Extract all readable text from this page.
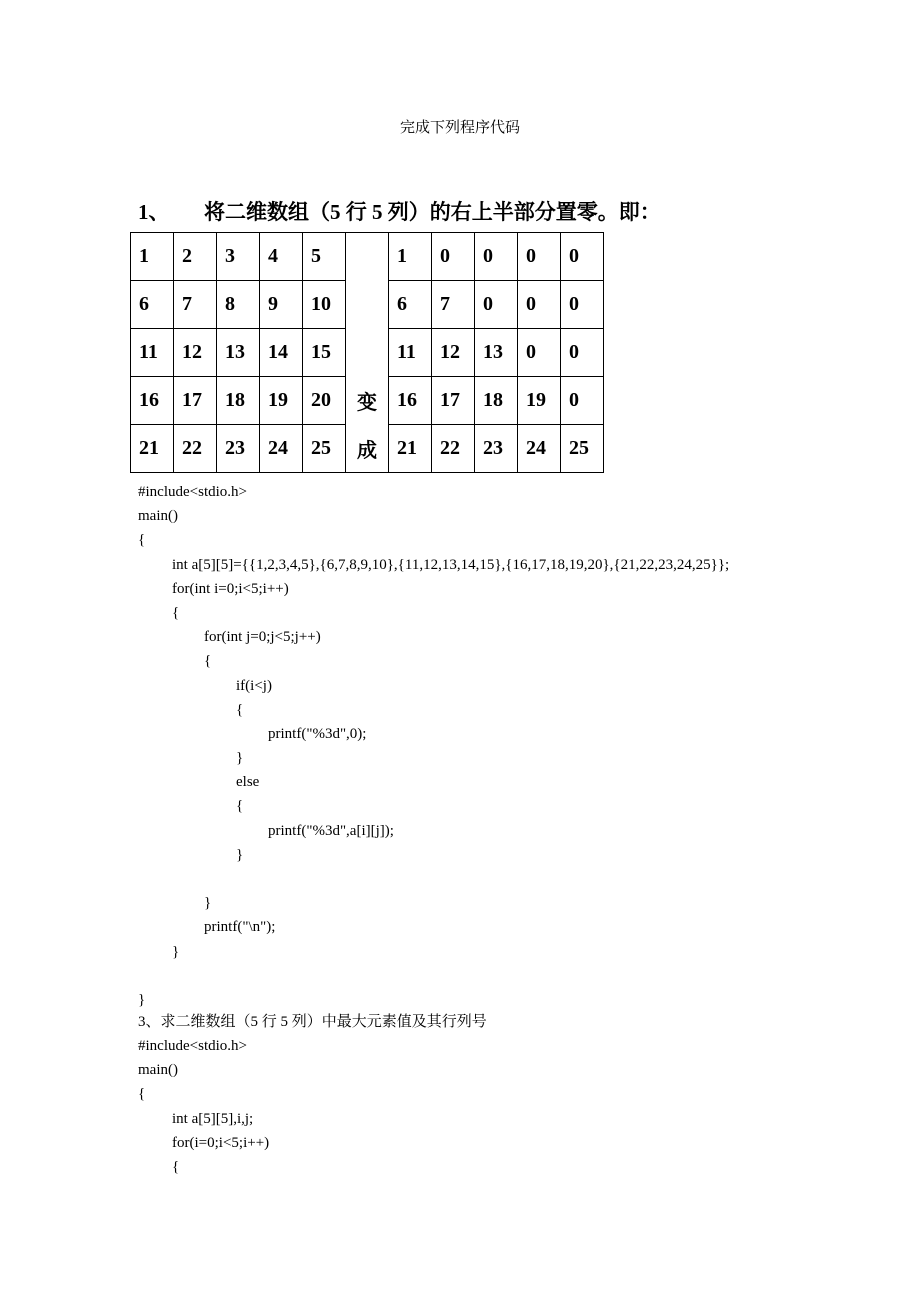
完成下列程序代码
1、 将二维数组（5 行 5 列）的右上半部分置零。即：
1	2	3	4	5		1	0	0	0	0
6	7	8	9	10		6	7	0	0	0
11	12	13	14	15		11	12	13	0	0
16	17	18	19	20	变	16	17	18	19	0
21	22	23	24	25	成	21	22	23	24	25
#include<stdio.h>
main()
{
int a[5][5]={{1,2,3,4,5},{6,7,8,9,10},{11,12,13,14,15},{16,17,18,19,20},{21,22,23,24,25}};
for(int i=0;i<5;i++)
{
for(int j=0;j<5;j++)
{
if(i<j)
{
printf("%3d",0);
}
else
{
printf("%3d",a[i][j]);
}
}
printf("\n");
}
}
3、求二维数组（5 行 5 列）中最大元素值及其行列号
#include<stdio.h>
main()
{
int a[5][5],i,j;
for(i=0;i<5;i++)
{
